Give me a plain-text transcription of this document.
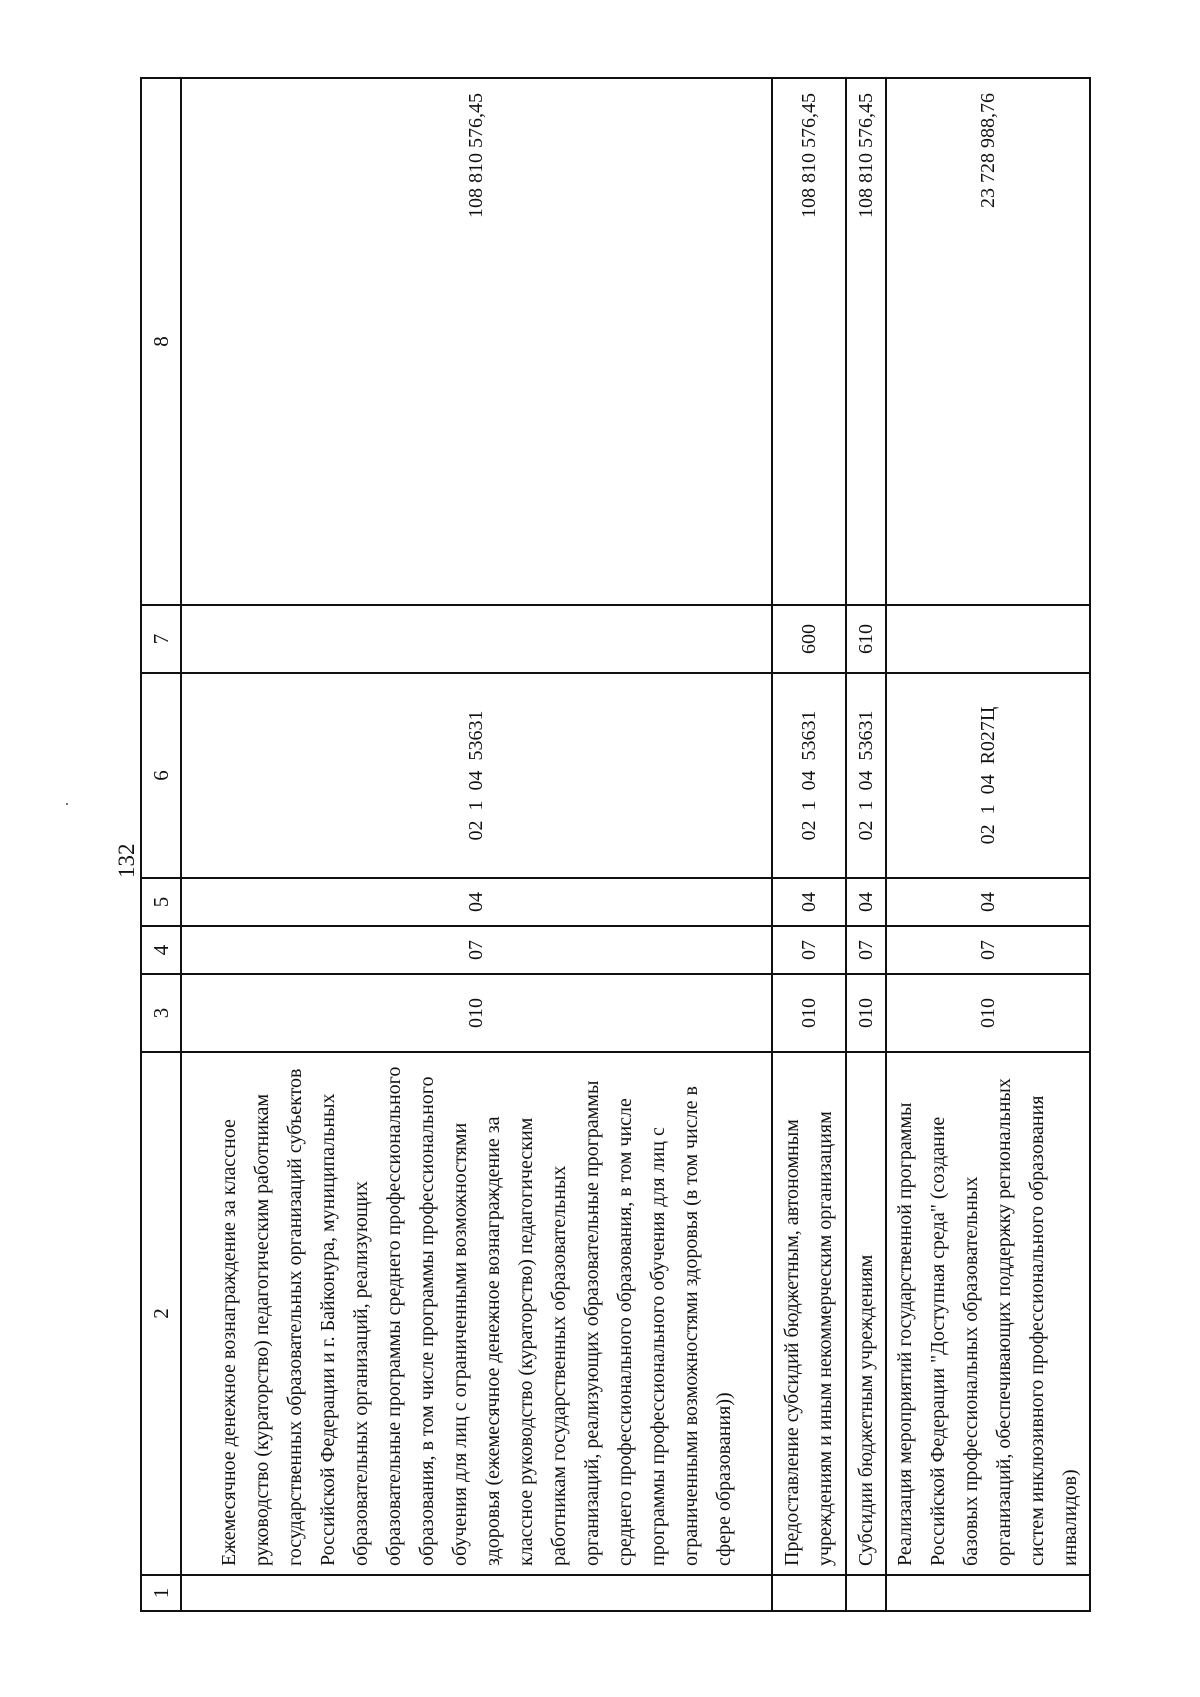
132
1	2	3	4	5	6	7	8
	Ежемесячное денежное вознаграждение за классное руководство (кураторство) педагогическим работникам государственных образовательных организаций субъектов Российской Федерации и г. Байконура, муниципальных образовательных организаций, реализующих образовательные программы среднего профессионального образования, в том числе программы профессионального обучения для лиц с ограниченными возможностями здоровья (ежемесячное денежное вознаграждение за классное руководство (кураторство) педагогическим работникам государственных образовательных организаций, реализующих образовательные программы среднего профессионального образования, в том числе программы профессионального обучения для лиц с ограниченными возможностями здоровья (в том числе в сфере образования))	010	07	04	02  1  04  53631		108 810 576,45
	Предоставление субсидий бюджетным, автономным учреждениям и иным некоммерческим организациям	010	07	04	02  1  04  53631	600	108 810 576,45
	Субсидии бюджетным учреждениям	010	07	04	02  1  04  53631	610	108 810 576,45
	Реализация мероприятий государственной программы Российской Федерации "Доступная среда" (создание базовых профессиональных образовательных организаций, обеспечивающих поддержку региональных систем инклюзивного профессионального образования инвалидов)	010	07	04	02  1  04  R027Ц		23 728 988,76
